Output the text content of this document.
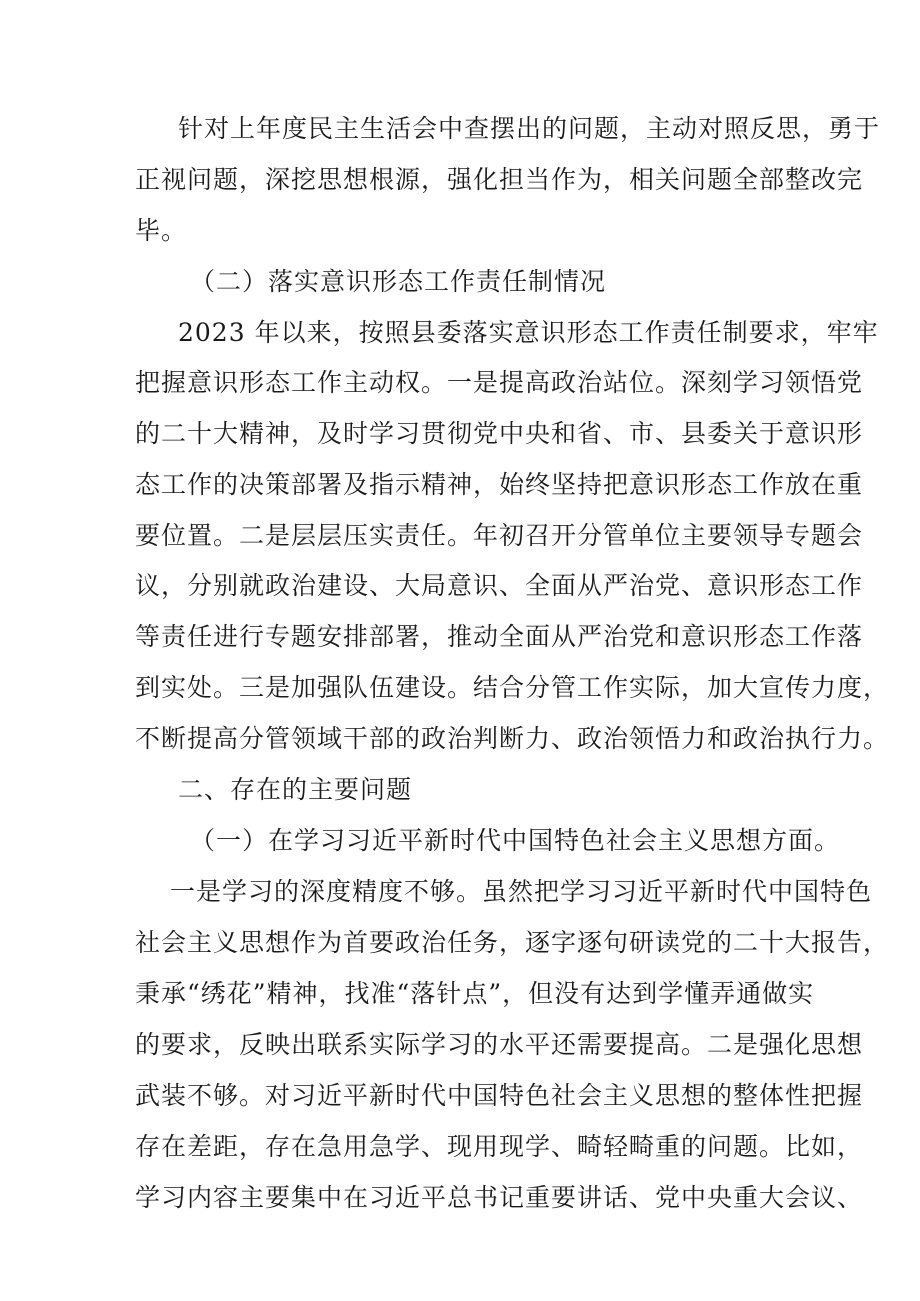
针对上年度民主生活会中查摆出的问题，主动对照反思，勇于
正视问题，深挖思想根源，强化担当作为，相关问题全部整改完
毕。
（二）落实意识形态工作责任制情况
2023 年以来，按照县委落实意识形态工作责任制要求，牢牢
把握意识形态工作主动权。一是提高政治站位。深刻学习领悟党
的二十大精神，及时学习贯彻党中央和省、市、县委关于意识形
态工作的决策部署及指示精神，始终坚持把意识形态工作放在重
要位置。二是层层压实责任。年初召开分管单位主要领导专题会
议，分别就政治建设、大局意识、全面从严治党、意识形态工作
等责任进行专题安排部署，推动全面从严治党和意识形态工作落
到实处。三是加强队伍建设。结合分管工作实际，加大宣传力度，
不断提高分管领域干部的政治判断力、政治领悟力和政治执行力。
二、存在的主要问题
（一）在学习习近平新时代中国特色社会主义思想方面。
一是学习的深度精度不够。虽然把学习习近平新时代中国特色
社会主义思想作为首要政治任务，逐字逐句研读党的二十大报告，
秉承“绣花”精神，找准“落针点”，但没有达到学懂弄通做实
的要求，反映出联系实际学习的水平还需要提高。二是强化思想
武装不够。对习近平新时代中国特色社会主义思想的整体性把握
存在差距，存在急用急学、现用现学、畸轻畸重的问题。比如，
学习内容主要集中在习近平总书记重要讲话、党中央重大会议、
